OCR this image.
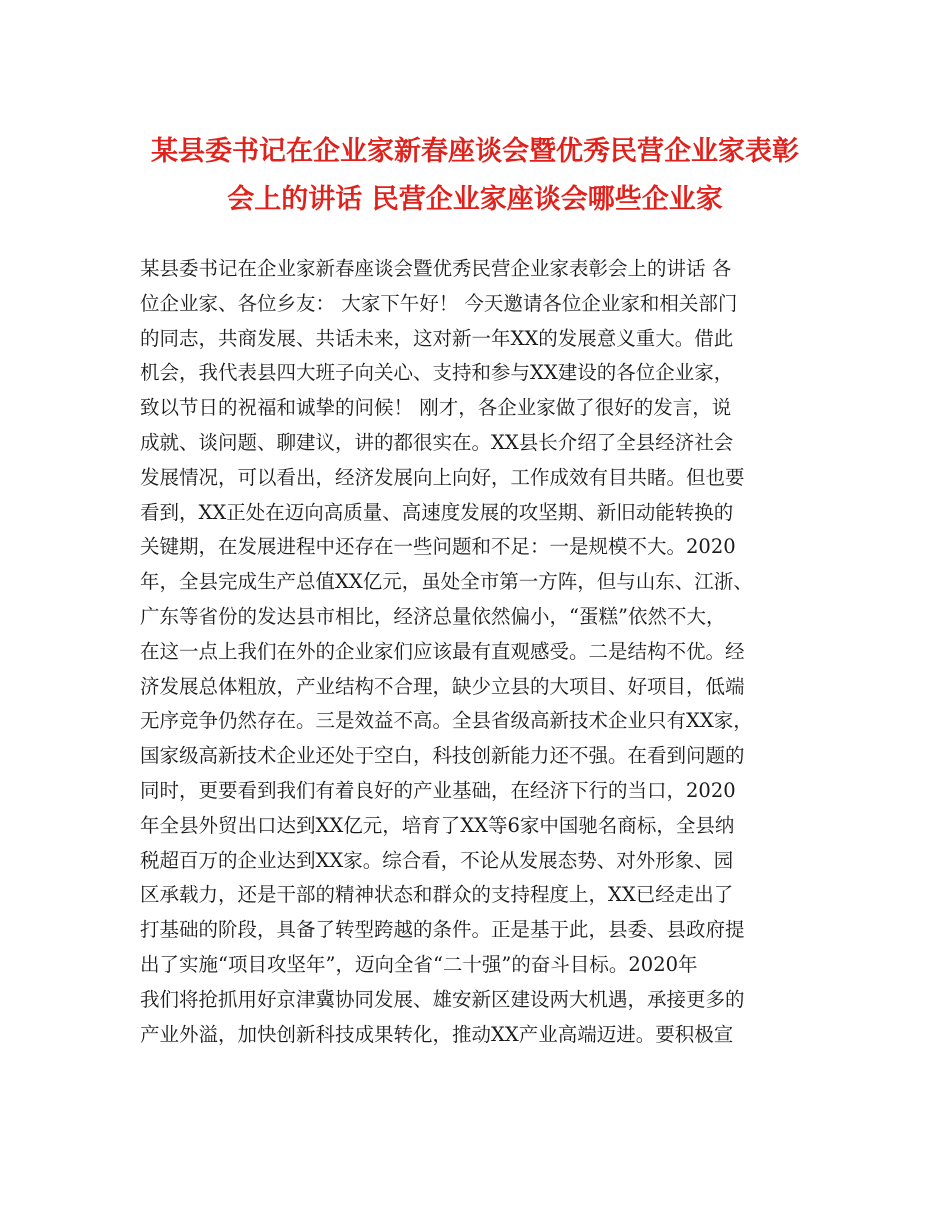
某县委书记在企业家新春座谈会暨优秀民营企业家表彰
会上的讲话 民营企业家座谈会哪些企业家
某县委书记在企业家新春座谈会暨优秀民营企业家表彰会上的讲话 各
位企业家、各位乡友： 大家下午好！ 今天邀请各位企业家和相关部门
的同志，共商发展、共话未来，这对新一年XX的发展意义重大。借此
机会，我代表县四大班子向关心、支持和参与XX建设的各位企业家，
致以节日的祝福和诚挚的问候！ 刚才，各企业家做了很好的发言，说
成就、谈问题、聊建议，讲的都很实在。XX县长介绍了全县经济社会
发展情况，可以看出，经济发展向上向好，工作成效有目共睹。但也要
看到，XX正处在迈向高质量、高速度发展的攻坚期、新旧动能转换的
关键期，在发展进程中还存在一些问题和不足：一是规模不大。2020
年，全县完成生产总值XX亿元，虽处全市第一方阵，但与山东、江浙、
广东等省份的发达县市相比，经济总量依然偏小，“蛋糕”依然不大，
在这一点上我们在外的企业家们应该最有直观感受。二是结构不优。经
济发展总体粗放，产业结构不合理，缺少立县的大项目、好项目，低端
无序竞争仍然存在。三是效益不高。全县省级高新技术企业只有XX家，
国家级高新技术企业还处于空白，科技创新能力还不强。在看到问题的
同时，更要看到我们有着良好的产业基础，在经济下行的当口，2020
年全县外贸出口达到XX亿元，培育了XX等6家中国驰名商标，全县纳
税超百万的企业达到XX家。综合看，不论从发展态势、对外形象、园
区承载力，还是干部的精神状态和群众的支持程度上，XX已经走出了
打基础的阶段，具备了转型跨越的条件。正是基于此，县委、县政府提
出了实施“项目攻坚年”，迈向全省“二十强”的奋斗目标。2020年
我们将抢抓用好京津冀协同发展、雄安新区建设两大机遇，承接更多的
产业外溢，加快创新科技成果转化，推动XX产业高端迈进。要积极宣
